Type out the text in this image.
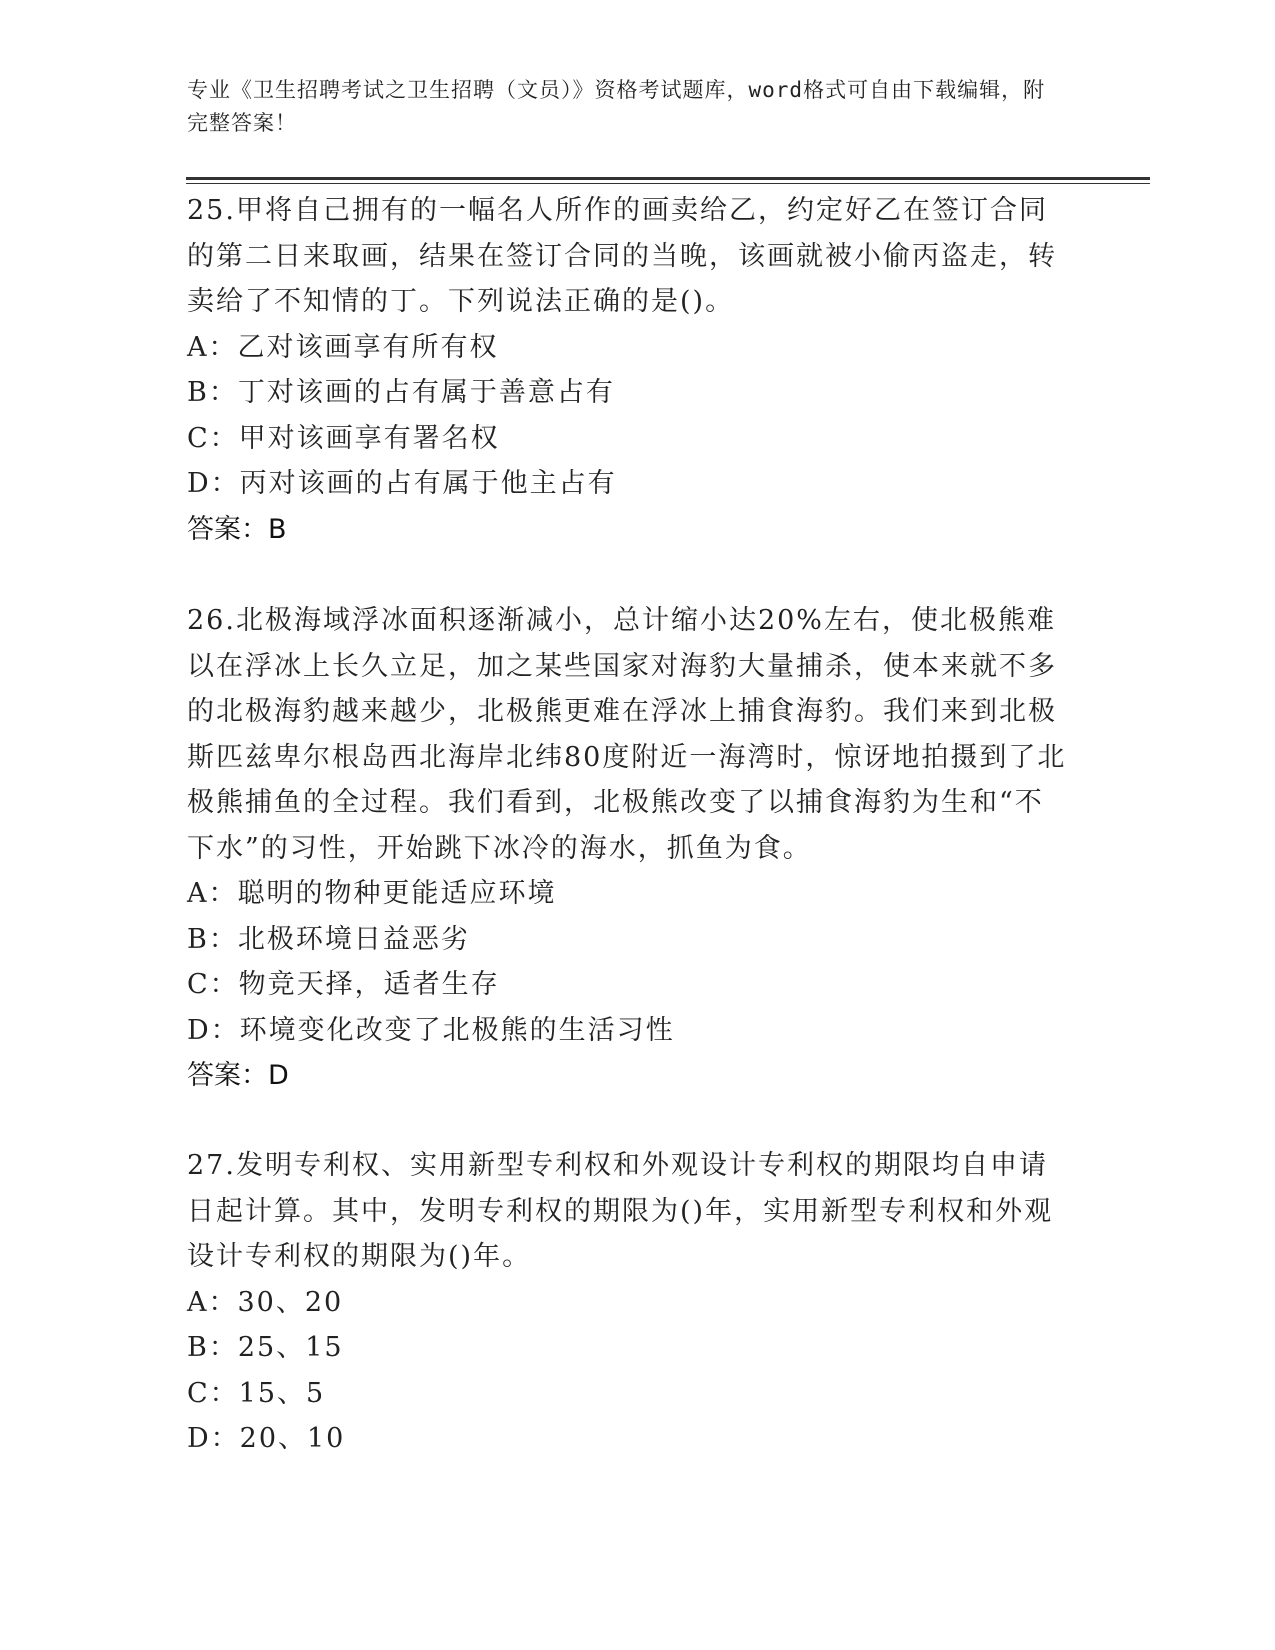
专业《卫生招聘考试之卫生招聘（文员）》资格考试题库，word格式可自由下载编辑，附完整答案！

25.甲将自己拥有的一幅名人所作的画卖给乙，约定好乙在签订合同的第二日来取画，结果在签订合同的当晚，该画就被小偷丙盗走，转卖给了不知情的丁。下列说法正确的是()。

A：乙对该画享有所有权

B：丁对该画的占有属于善意占有

C：甲对该画享有署名权

D：丙对该画的占有属于他主占有

答案：B

26.北极海域浮冰面积逐渐减小，总计缩小达20%左右，使北极熊难以在浮冰上长久立足，加之某些国家对海豹大量捕杀，使本来就不多的北极海豹越来越少，北极熊更难在浮冰上捕食海豹。我们来到北极斯匹兹卑尔根岛西北海岸北纬80度附近一海湾时，惊讶地拍摄到了北极熊捕鱼的全过程。我们看到，北极熊改变了以捕食海豹为生和“不下水”的习性，开始跳下冰冷的海水，抓鱼为食。

A：聪明的物种更能适应环境

B：北极环境日益恶劣

C：物竞天择，适者生存

D：环境变化改变了北极熊的生活习性

答案：D

27.发明专利权、实用新型专利权和外观设计专利权的期限均自申请日起计算。其中，发明专利权的期限为()年，实用新型专利权和外观设计专利权的期限为()年。

A：30、20

B：25、15

C：15、5

D：20、10
